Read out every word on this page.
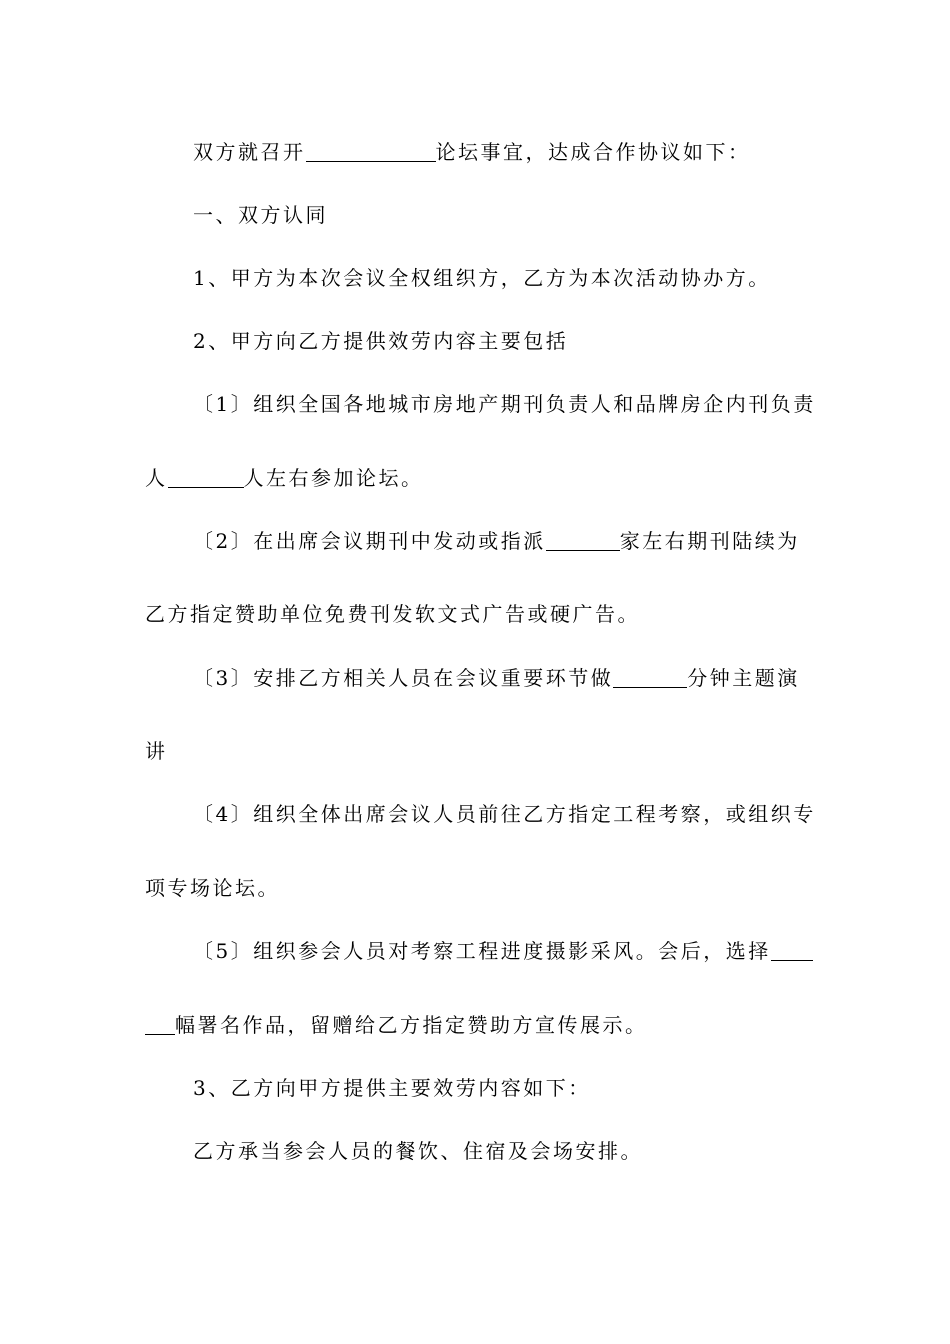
双方就召开	论坛事宜，达成合作协议如下：
一、双方认同
1、甲方为本次会议全权组织方，乙方为本次活动协办方。
2、甲方向乙方提供效劳内容主要包括
〔1〕组织全国各地城市房地产期刊负责人和品牌房企内刊负责
人	人左右参加论坛。
〔2〕在出席会议期刊中发动或指派	家左右期刊陆续为
乙方指定赞助单位免费刊发软文式广告或硬广告。
〔3〕安排乙方相关人员在会议重要环节做	分钟主题演
讲
〔4〕组织全体出席会议人员前往乙方指定工程考察，或组织专
项专场论坛。
〔5〕组织参会人员对考察工程进度摄影采风。会后，选择
幅署名作品，留赠给乙方指定赞助方宣传展示。
3、乙方向甲方提供主要效劳内容如下：
乙方承当参会人员的餐饮、住宿及会场安排。
